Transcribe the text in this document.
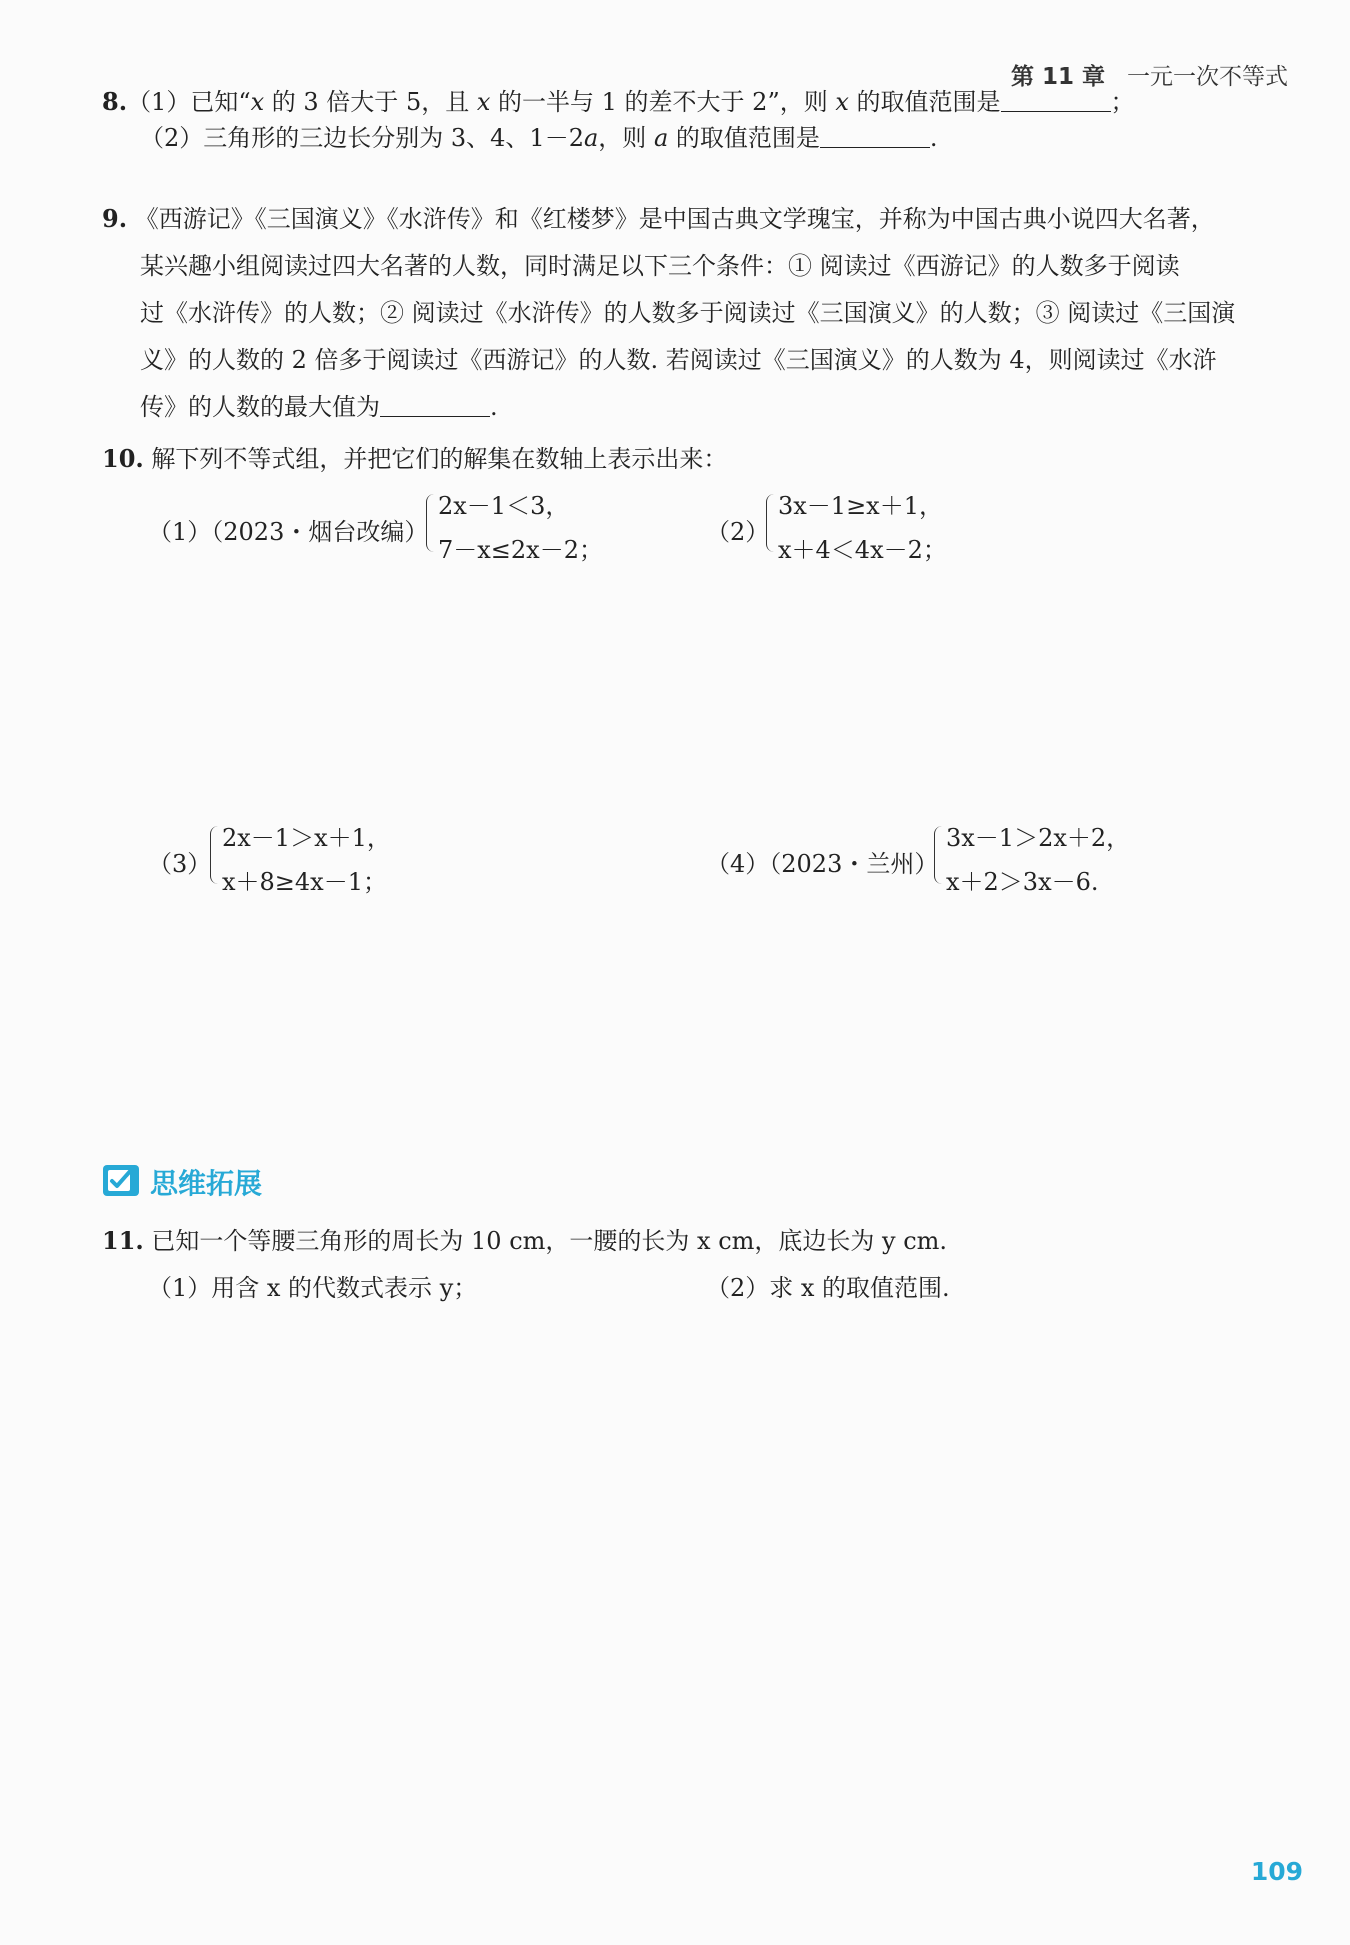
第 11 章 一元一次不等式
8.（1）已知“x 的 3 倍大于 5，且 x 的一半与 1 的差不大于 2”，则 x 的取值范围是	；
（2）三角形的三边长分别为 3、4、1－2a，则 a 的取值范围是	.
9. 《西游记》《三国演义》《水浒传》和《红楼梦》是中国古典文学瑰宝，并称为中国古典小说四大名著，
某兴趣小组阅读过四大名著的人数，同时满足以下三个条件：① 阅读过《西游记》的人数多于阅读
过《水浒传》的人数；② 阅读过《水浒传》的人数多于阅读过《三国演义》的人数；③ 阅读过《三国演
义》的人数的 2 倍多于阅读过《西游记》的人数. 若阅读过《三国演义》的人数为 4，则阅读过《水浒
传》的人数的最大值为	.
10. 解下列不等式组，并把它们的解集在数轴上表示出来：
（1）（2023・烟台改编）
2x－1＜3，
7－x≤2x－2；
（2）
3x－1≥x＋1，
x＋4＜4x－2；
（3）
2x－1＞x＋1，
x＋8≥4x－1；
（4）（2023・兰州）
3x－1＞2x＋2，
x＋2＞3x－6.
思维拓展
11. 已知一个等腰三角形的周长为 10 cm，一腰的长为 x cm，底边长为 y cm.
（1）用含 x 的代数式表示 y；	（2）求 x 的取值范围.
109
